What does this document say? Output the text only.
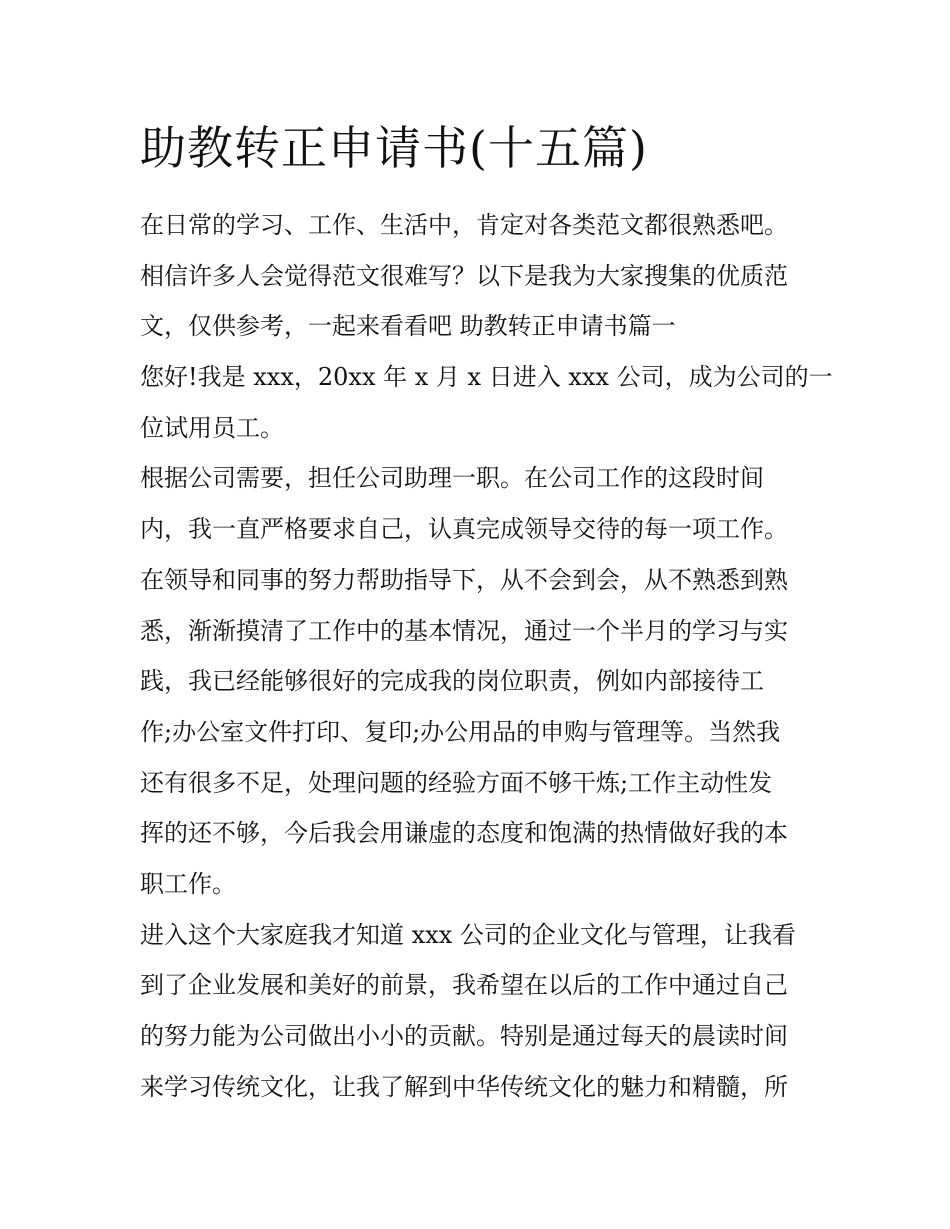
助教转正申请书(十五篇)

在日常的学习、工作、生活中，肯定对各类范文都很熟悉吧。
相信许多人会觉得范文很难写？以下是我为大家搜集的优质范
文，仅供参考，一起来看看吧 助教转正申请书篇一

您好!我是 xxx，20xx 年 x 月 x 日进入 xxx 公司，成为公司的一
位试用员工。

根据公司需要，担任公司助理一职。在公司工作的这段时间
内，我一直严格要求自己，认真完成领导交待的每一项工作。
在领导和同事的努力帮助指导下，从不会到会，从不熟悉到熟
悉，渐渐摸清了工作中的基本情况，通过一个半月的学习与实
践，我已经能够很好的完成我的岗位职责，例如内部接待工
作;办公室文件打印、复印;办公用品的申购与管理等。当然我
还有很多不足，处理问题的经验方面不够干炼;工作主动性发
挥的还不够，今后我会用谦虚的态度和饱满的热情做好我的本
职工作。

进入这个大家庭我才知道 xxx 公司的企业文化与管理，让我看
到了企业发展和美好的前景，我希望在以后的工作中通过自己
的努力能为公司做出小小的贡献。特别是通过每天的晨读时间
来学习传统文化，让我了解到中华传统文化的魅力和精髓，所
